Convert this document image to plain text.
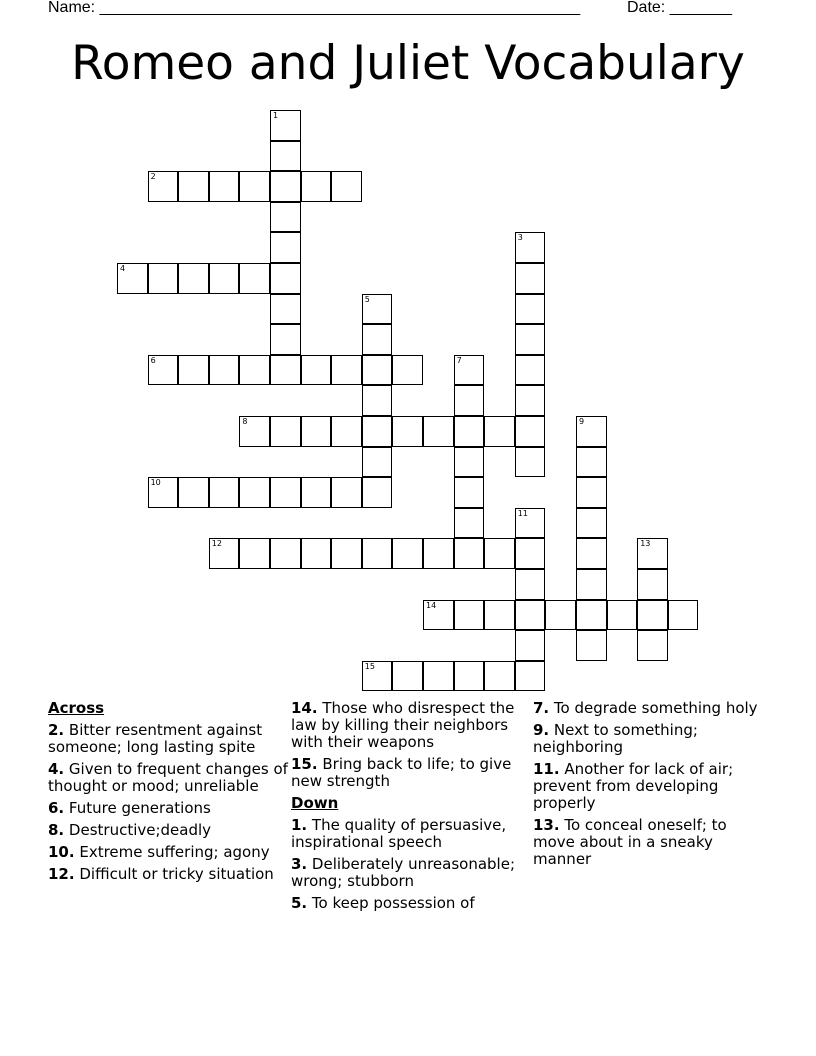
Name: ______________________________________________________	Date: _______
Romeo and Juliet Vocabulary
1
2
3
4
5
6	7
8	9
10
11
12	13
14
15
Across
2. Bitter resentment against someone; long lasting spite
4. Given to frequent changes of thought or mood; unreliable
6. Future generations
8. Destructive;deadly
10. Extreme suffering; agony
12. Difficult or tricky situation
14. Those who disrespect the law by killing their neighbors with their weapons
15. Bring back to life; to give new strength
Down
1. The quality of persuasive, inspirational speech
3. Deliberately unreasonable; wrong; stubborn
5. To keep possession of
7. To degrade something holy
9. Next to something; neighboring
11. Another for lack of air; prevent from developing properly
13. To conceal oneself; to move about in a sneaky manner
